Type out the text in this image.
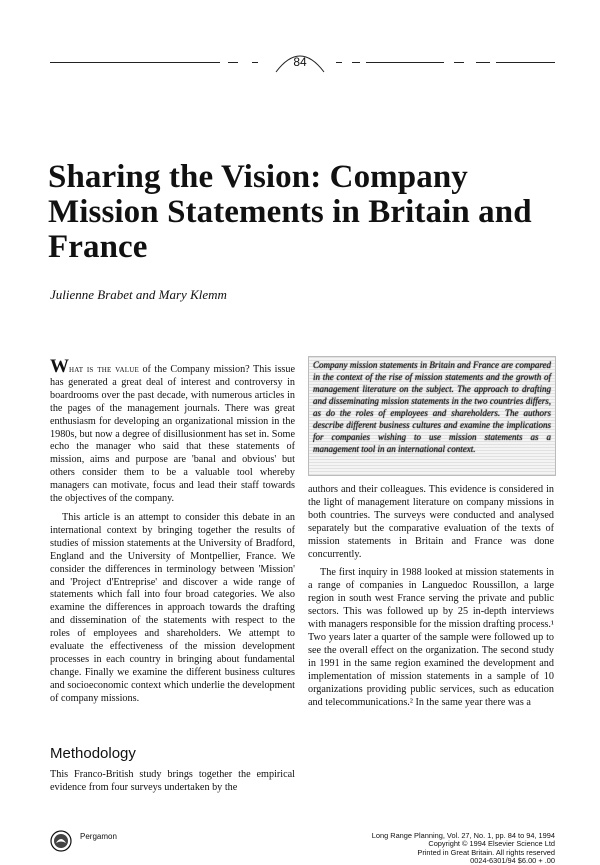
84
Sharing the Vision: Company Mission Statements in Britain and France
Julienne Brabet and Mary Klemm

What is the value of the Company mission? This issue has generated a great deal of interest and controversy in boardrooms over the past decade, with numerous articles in the pages of the management journals. There was great enthusiasm for developing an organizational mission in the 1980s, but now a degree of disillusionment has set in. Some echo the manager who said that these statements of mission, aims and purpose are 'banal and obvious' but others consider them to be a valuable tool whereby managers can motivate, focus and lead their staff towards the objectives of the company.

This article is an attempt to consider this debate in an international context by bringing together the results of studies of mission statements at the University of Bradford, England and the University of Montpellier, France. We consider the differences in terminology between 'Mission' and 'Project d'Entreprise' and discover a wide range of statements which fall into four broad categories. We also examine the differences in approach towards the drafting and dissemination of the statements with respect to the roles of employees and shareholders. We attempt to evaluate the effectiveness of the mission development processes in each country in bringing about fundamental change. Finally we examine the different business cultures and socioeconomic context which underlie the development of company missions.

Methodology

This Franco-British study brings together the empirical evidence from four surveys undertaken by the

Company mission statements in Britain and France are compared in the context of the rise of mission statements and the growth of management literature on the subject. The approach to drafting and disseminating mission statements in the two countries differs, as do the roles of employees and shareholders. The authors describe different business cultures and examine the implications for companies wishing to use mission statements as a management tool in an international context.

authors and their colleagues. This evidence is considered in the light of management literature on company missions in both countries. The surveys were conducted and analysed separately but the comparative evaluation of the texts of mission statements in Britain and France was done concurrently.

The first inquiry in 1988 looked at mission statements in a range of companies in Languedoc Roussillon, a large region in south west France serving the private and public sectors. This was followed up by 25 in-depth interviews with managers responsible for the mission drafting process.¹ Two years later a quarter of the sample were followed up to see the overall effect on the organization. The second study in 1991 in the same region examined the development and implementation of mission statements in a sample of 10 organizations providing public services, such as education and telecommunications.² In the same year there was a

Pergamon	Long Range Planning, Vol. 27, No. 1, pp. 84 to 94, 1994
Copyright © 1994 Elsevier Science Ltd
Printed in Great Britain. All rights reserved
0024-6301/94 $6.00 + .00
